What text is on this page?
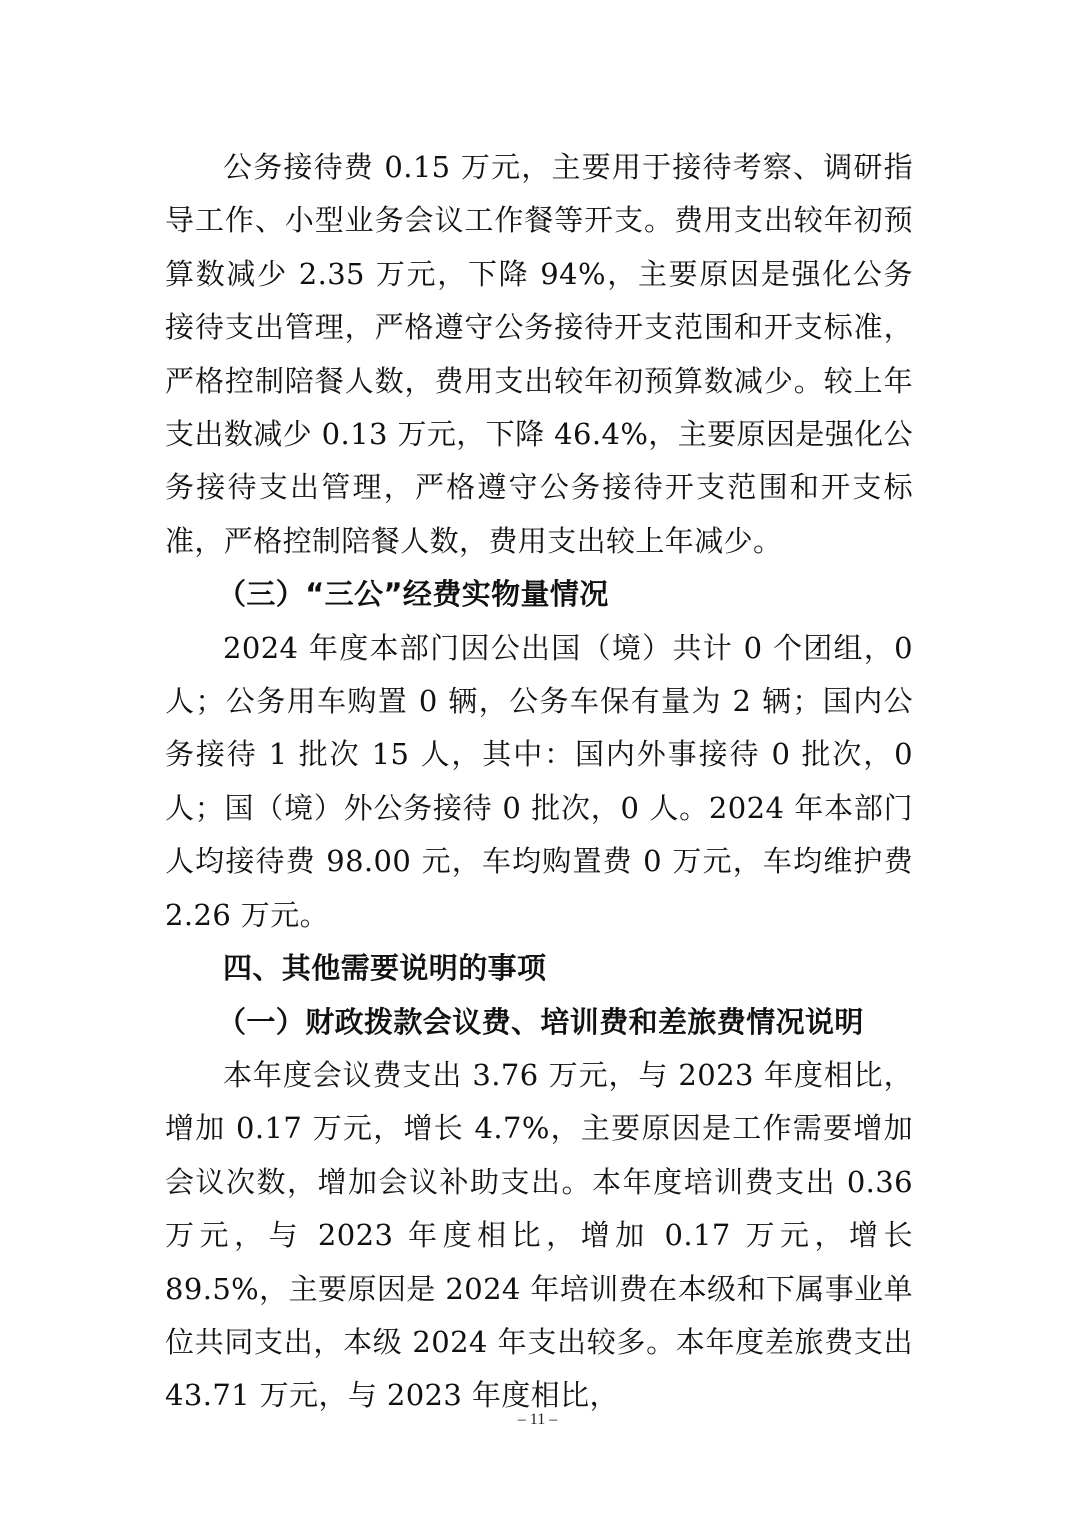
公务接待费 0.15 万元，主要用于接待考察、调研指导工作、小型业务会议工作餐等开支。费用支出较年初预算数减少 2.35 万元，下降 94%，主要原因是强化公务接待支出管理，严格遵守公务接待开支范围和开支标准，严格控制陪餐人数，费用支出较年初预算数减少。较上年支出数减少 0.13 万元，下降 46.4%，主要原因是强化公务接待支出管理，严格遵守公务接待开支范围和开支标准，严格控制陪餐人数，费用支出较上年减少。

（三）“三公”经费实物量情况

2024 年度本部门因公出国（境）共计 0 个团组，0 人；公务用车购置 0 辆，公务车保有量为 2 辆；国内公务接待 1 批次 15 人，其中：国内外事接待 0 批次，0 人；国（境）外公务接待 0 批次，0 人。2024 年本部门人均接待费 98.00 元，车均购置费 0 万元，车均维护费 2.26 万元。

四、其他需要说明的事项

（一）财政拨款会议费、培训费和差旅费情况说明

本年度会议费支出 3.76 万元，与 2023 年度相比，增加 0.17 万元，增长 4.7%，主要原因是工作需要增加会议次数，增加会议补助支出。本年度培训费支出 0.36 万元，与 2023 年度相比，增加 0.17 万元，增长 89.5%，主要原因是 2024 年培训费在本级和下属事业单位共同支出，本级 2024 年支出较多。本年度差旅费支出 43.71 万元，与 2023 年度相比，

– 11 –
